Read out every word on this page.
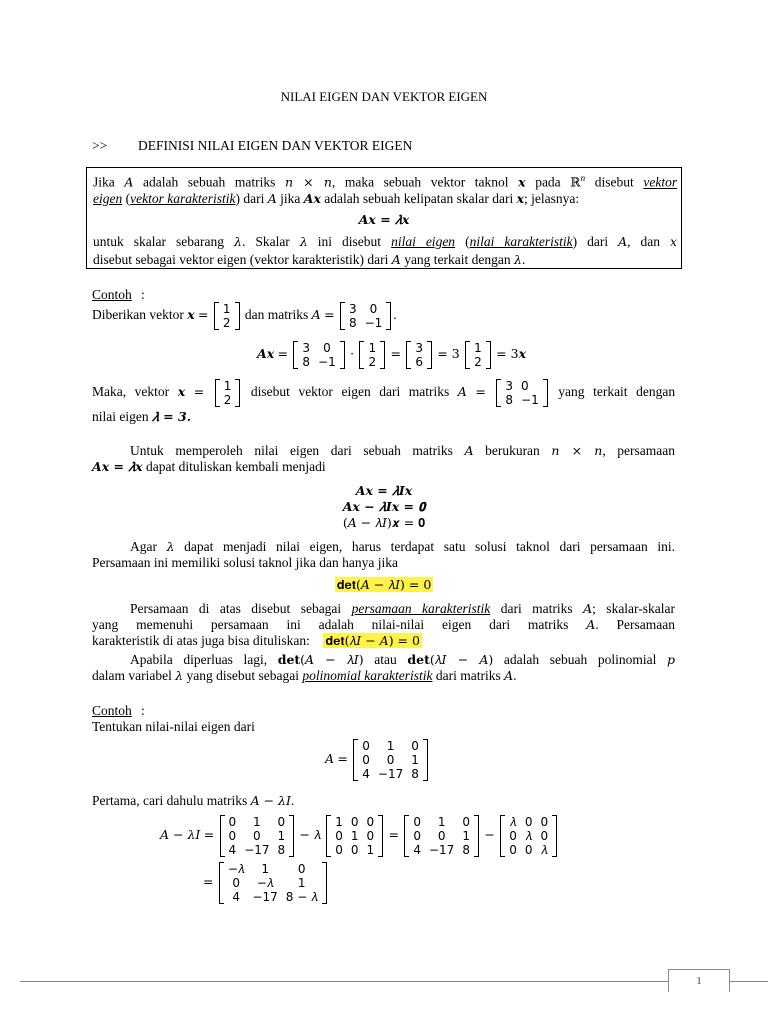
NILAI EIGEN DAN VEKTOR EIGEN
>> DEFINISI NILAI EIGEN DAN VEKTOR EIGEN
Jika 𝐴 adalah sebuah matriks 𝑛 × 𝑛, maka sebuah vektor taknol 𝒙 pada ℝ$^n$ disebut vektor
eigen (vektor karakteristik) dari 𝐴 jika 𝑨𝒙 adalah sebuah kelipatan skalar dari 𝒙; jelasnya:
𝑨𝒙 = 𝜆𝒙
untuk skalar sebarang 𝜆. Skalar 𝜆 ini disebut nilai eigen (nilai karakteristik) dari 𝐴, dan 𝑥
disebut sebagai vektor eigen (vektor karakteristik) dari 𝐴 yang terkait dengan 𝜆.
Contoh :
Diberikan vektor 𝒙 = 1
2
dan matriks 𝐴 = 3	0
8	−1
.
𝑨𝒙 = 3	0
8	−1
· 1
2
= 3
6
= 3 1
2
= 3𝒙
Maka, vektor 𝒙 = 1
2
disebut vektor eigen dari matriks 𝐴 = 3	0
8	−1
yang terkait dengan
nilai eigen 𝜆 = 3.
Untuk memperoleh nilai eigen dari sebuah matriks 𝐴 berukuran 𝑛 × 𝑛, persamaan
𝑨𝒙 = 𝜆𝒙 dapat dituliskan kembali menjadi
𝑨𝒙 = 𝜆𝑰𝒙
𝑨𝒙 − 𝜆𝑰𝒙 = 𝟎
(𝐴 − 𝜆𝐼)𝒙 = 𝟎
Agar 𝜆 dapat menjadi nilai eigen, harus terdapat satu solusi taknol dari persamaan ini.
Persamaan ini memiliki solusi taknol jika dan hanya jika
𝐝𝐞𝐭(𝐴 − 𝜆𝐼) = 0
Persamaan di atas disebut sebagai persamaan karakteristik dari matriks 𝐴; skalar-skalar
yang memenuhi persamaan ini adalah nilai-nilai eigen dari matriks 𝐴. Persamaan
karakteristik di atas juga bisa dituliskan: 𝐝𝐞𝐭(𝜆𝐼 − 𝐴) = 0
Apabila diperluas lagi, det(𝐴 − 𝜆𝐼) atau det(𝜆𝐼 − 𝐴) adalah sebuah polinomial 𝑝
dalam variabel 𝜆 yang disebut sebagai polinomial karakteristik dari matriks 𝐴.
Contoh :
Tentukan nilai-nilai eigen dari
𝐴 =
0	1	0
0	0	1
4	−17	8
Pertama, cari dahulu matriks 𝐴 − 𝜆𝐼.
𝐴 − 𝜆𝐼 =
0	1	0
0	0	1
4	−17	8
− 𝜆
1	0	0
0	1	0
0	0	1
=
0	1	0
0	0	1
4	−17	8
−
𝜆	0	0
0	𝜆	0
0	0	𝜆
=
−𝜆	1	0
0	−𝜆	1
4	−17	8 − 𝜆
1
